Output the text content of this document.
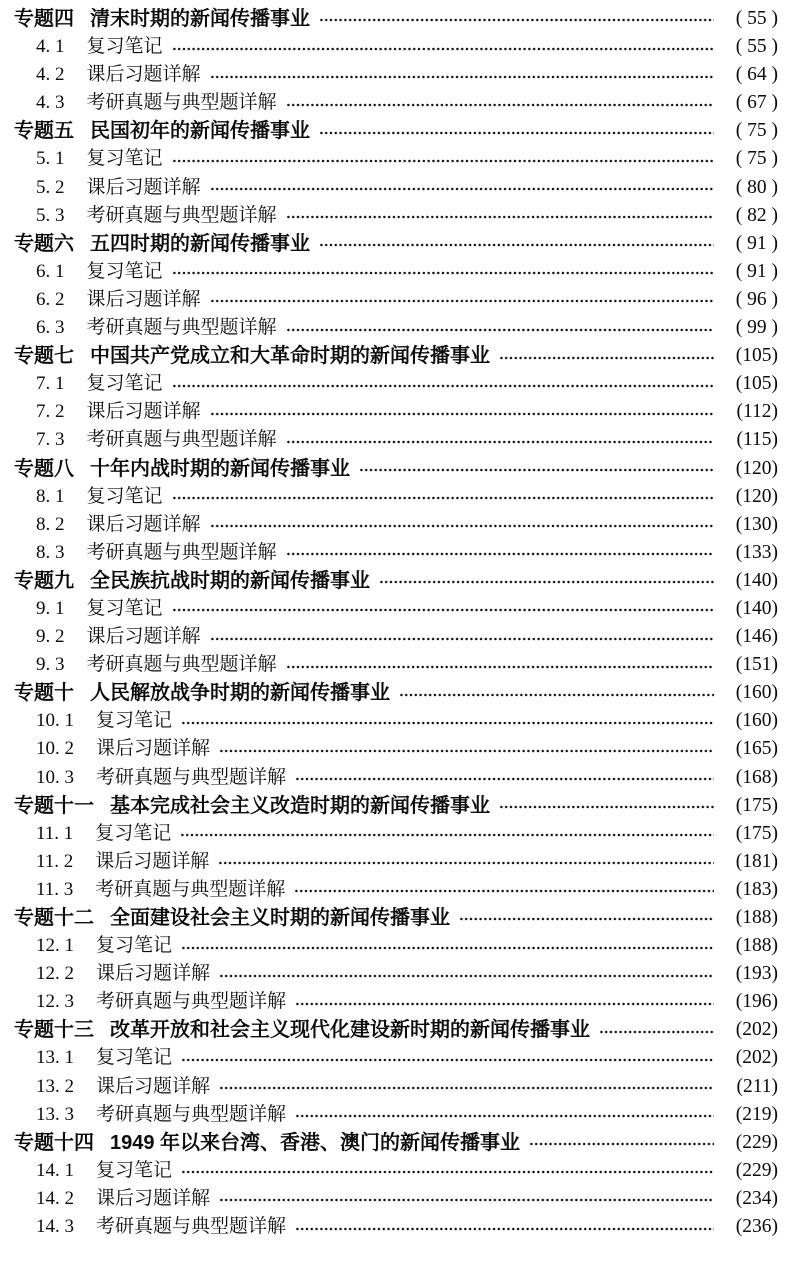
专题四 清末时期的新闻传播事业	( 55 )
4. 1 复习笔记	( 55 )
4. 2 课后习题详解	( 64 )
4. 3 考研真题与典型题详解	( 67 )
专题五 民国初年的新闻传播事业	( 75 )
5. 1 复习笔记	( 75 )
5. 2 课后习题详解	( 80 )
5. 3 考研真题与典型题详解	( 82 )
专题六 五四时期的新闻传播事业	( 91 )
6. 1 复习笔记	( 91 )
6. 2 课后习题详解	( 96 )
6. 3 考研真题与典型题详解	( 99 )
专题七 中国共产党成立和大革命时期的新闻传播事业	(105)
7. 1 复习笔记	(105)
7. 2 课后习题详解	(112)
7. 3 考研真题与典型题详解	(115)
专题八 十年内战时期的新闻传播事业	(120)
8. 1 复习笔记	(120)
8. 2 课后习题详解	(130)
8. 3 考研真题与典型题详解	(133)
专题九 全民族抗战时期的新闻传播事业	(140)
9. 1 复习笔记	(140)
9. 2 课后习题详解	(146)
9. 3 考研真题与典型题详解	(151)
专题十 人民解放战争时期的新闻传播事业	(160)
10. 1 复习笔记	(160)
10. 2 课后习题详解	(165)
10. 3 考研真题与典型题详解	(168)
专题十一 基本完成社会主义改造时期的新闻传播事业	(175)
11. 1 复习笔记	(175)
11. 2 课后习题详解	(181)
11. 3 考研真题与典型题详解	(183)
专题十二 全面建设社会主义时期的新闻传播事业	(188)
12. 1 复习笔记	(188)
12. 2 课后习题详解	(193)
12. 3 考研真题与典型题详解	(196)
专题十三 改革开放和社会主义现代化建设新时期的新闻传播事业	(202)
13. 1 复习笔记	(202)
13. 2 课后习题详解	(211)
13. 3 考研真题与典型题详解	(219)
专题十四 1949 年以来台湾、香港、澳门的新闻传播事业	(229)
14. 1 复习笔记	(229)
14. 2 课后习题详解	(234)
14. 3 考研真题与典型题详解	(236)
